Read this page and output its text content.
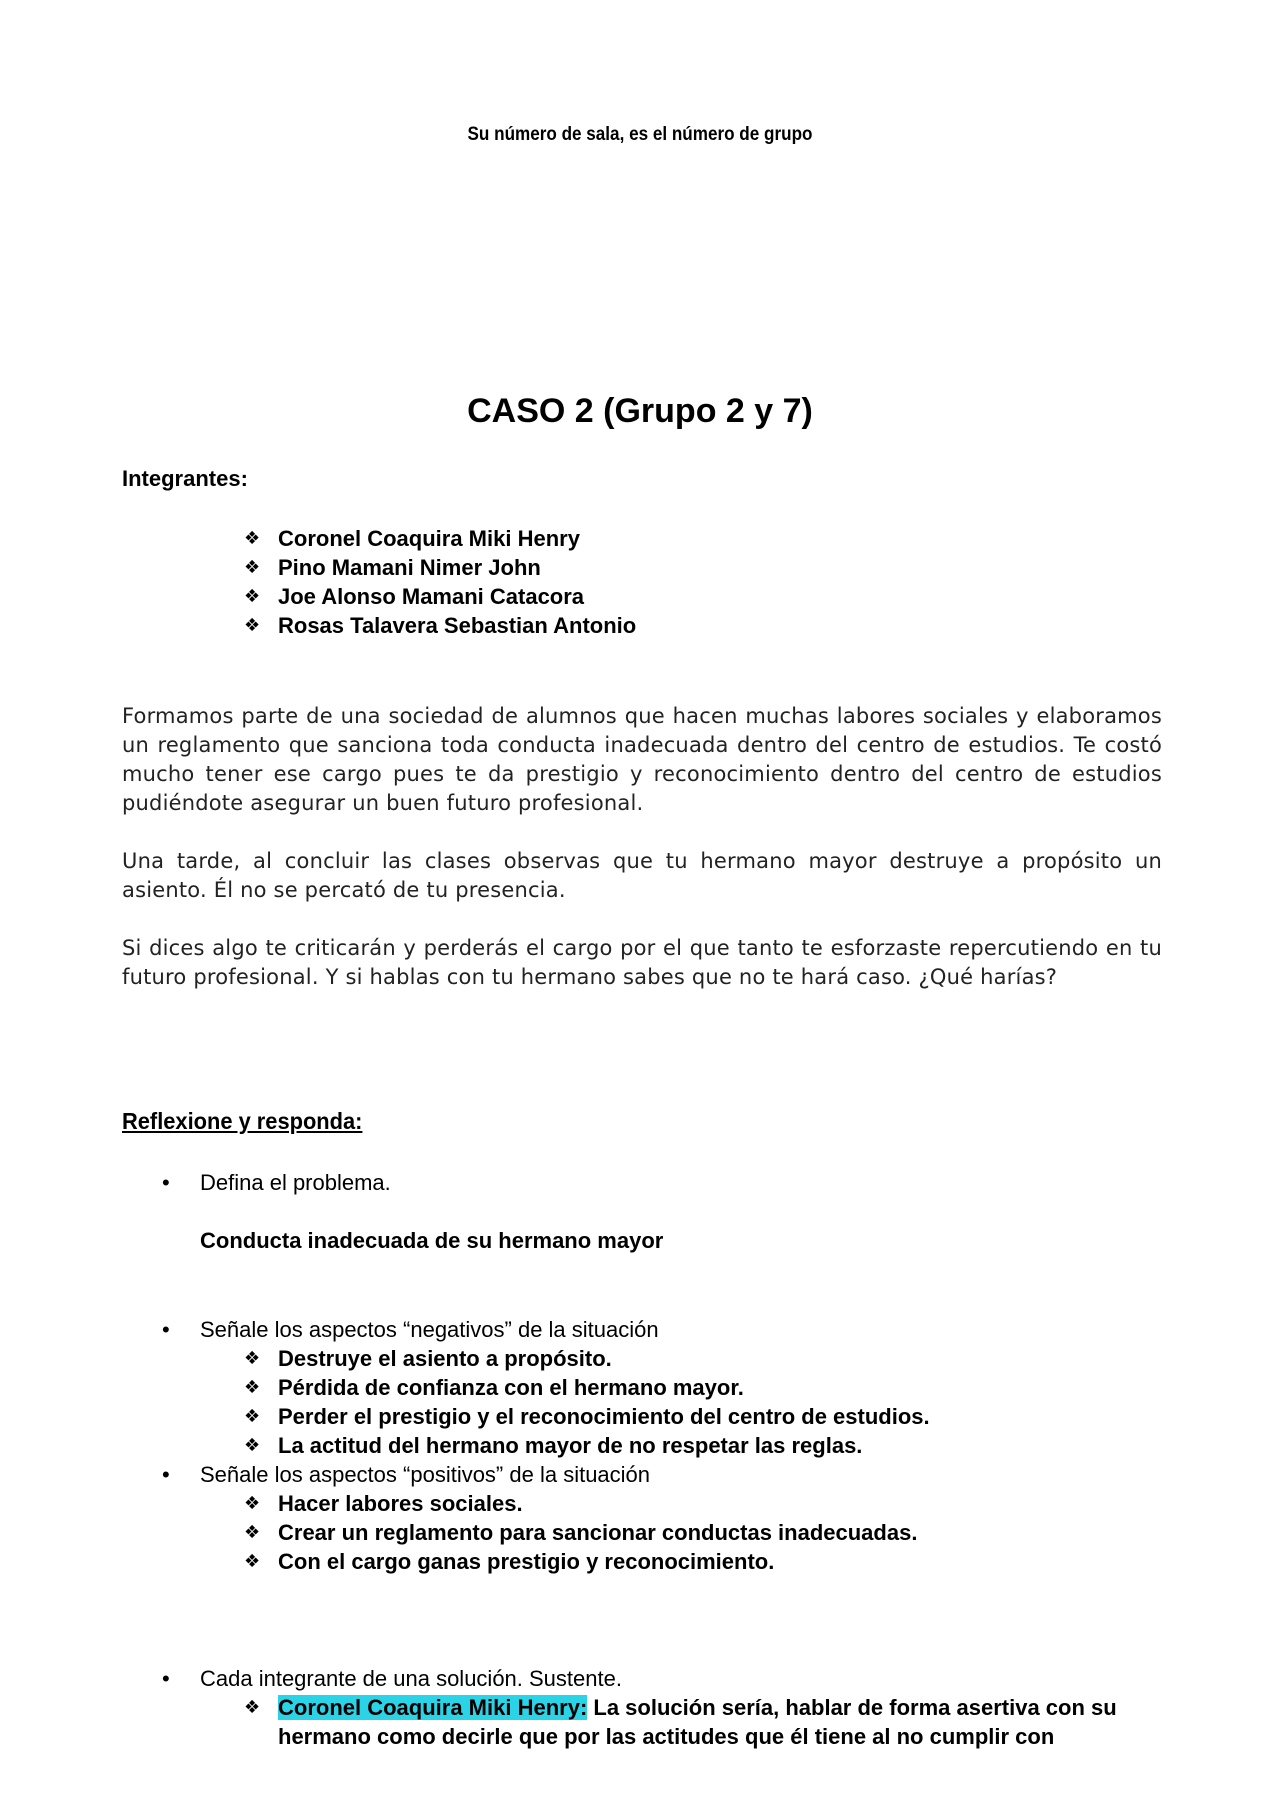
Su número de sala, es el número de grupo
CASO 2 (Grupo 2 y 7)
Integrantes:
❖ Coronel Coaquira Miki Henry
❖ Pino Mamani Nimer John
❖ Joe Alonso Mamani Catacora
❖ Rosas Talavera Sebastian Antonio
Formamos parte de una sociedad de alumnos que hacen muchas labores sociales y elaboramos un reglamento que sanciona toda conducta inadecuada dentro del centro de estudios. Te costó mucho tener ese cargo pues te da prestigio y reconocimiento dentro del centro de estudios pudiéndote asegurar un buen futuro profesional.
Una tarde, al concluir las clases observas que tu hermano mayor destruye a propósito un asiento. Él no se percató de tu presencia.
Si dices algo te criticarán y perderás el cargo por el que tanto te esforzaste repercutiendo en tu futuro profesional. Y si hablas con tu hermano sabes que no te hará caso. ¿Qué harías?
Reflexione y responda:
• Defina el problema.
Conducta inadecuada de su hermano mayor
• Señale los aspectos “negativos” de la situación
❖ Destruye el asiento a propósito.
❖ Pérdida de confianza con el hermano mayor.
❖ Perder el prestigio y el reconocimiento del centro de estudios.
❖ La actitud del hermano mayor de no respetar las reglas.
• Señale los aspectos “positivos” de la situación
❖ Hacer labores sociales.
❖ Crear un reglamento para sancionar conductas inadecuadas.
❖ Con el cargo ganas prestigio y reconocimiento.
• Cada integrante de una solución. Sustente.
❖ Coronel Coaquira Miki Henry: La solución sería, hablar de forma asertiva con su hermano como decirle que por las actitudes que él tiene al no cumplir con
